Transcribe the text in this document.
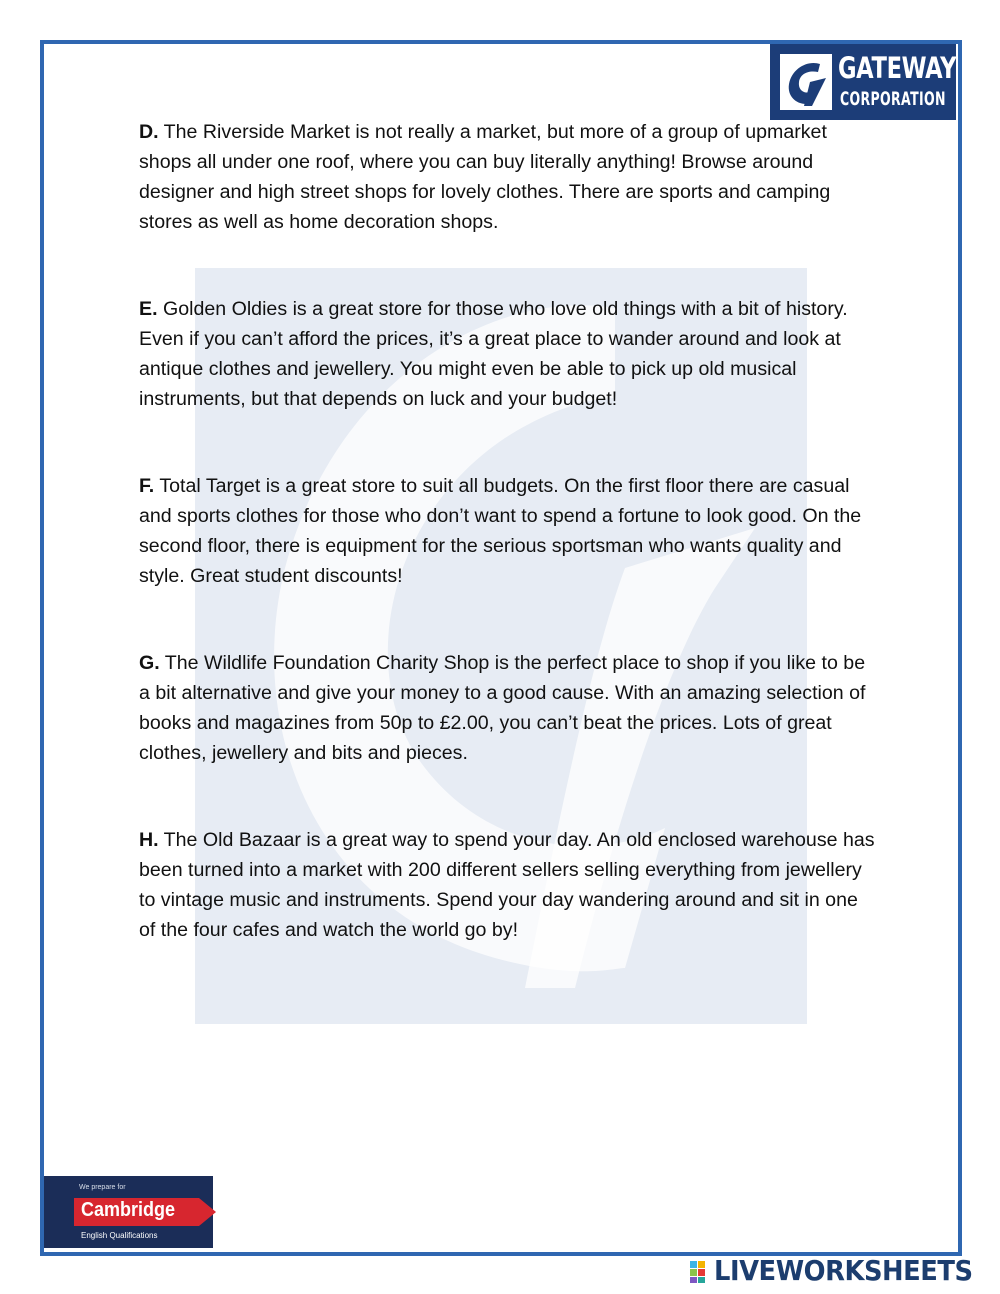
GATEWAY
CORPORATION

D. The Riverside Market is not really a market, but more of a group of upmarket shops all under one roof, where you can buy literally anything! Browse around designer and high street shops for lovely clothes. There are sports and camping stores as well as home decoration shops.

E. Golden Oldies is a great store for those who love old things with a bit of history. Even if you can’t afford the prices, it’s a great place to wander around and look at antique clothes and jewellery. You might even be able to pick up old musical instruments, but that depends on luck and your budget!

F. Total Target is a great store to suit all budgets. On the first floor there are casual and sports clothes for those who don’t want to spend a fortune to look good. On the second floor, there is equipment for the serious sportsman who wants quality and style. Great student discounts!

G. The Wildlife Foundation Charity Shop is the perfect place to shop if you like to be a bit alternative and give your money to a good cause. With an amazing selection of books and magazines from 50p to £2.00, you can’t beat the prices. Lots of great clothes, jewellery and bits and pieces.

H. The Old Bazaar is a great way to spend your day. An old enclosed warehouse has been turned into a market with 200 different sellers selling everything from jewellery to vintage music and instruments. Spend your day wandering around and sit in one of the four cafes and watch the world go by!

We prepare for
Cambridge
English Qualifications
LIVEWORKSHEETS
